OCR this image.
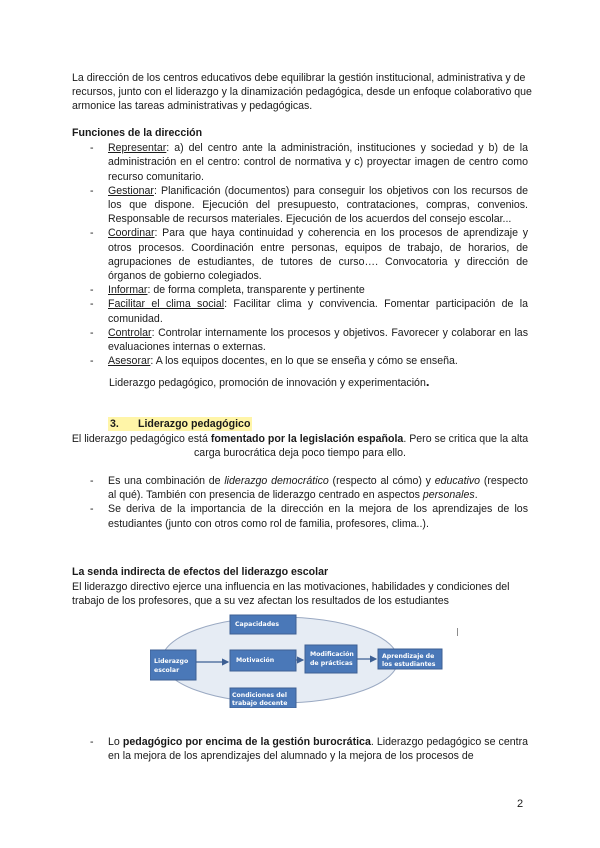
La dirección de los centros educativos debe equilibrar la gestión institucional, administrativa y de recursos, junto con el liderazgo y la dinamización pedagógica, desde un enfoque colaborativo que armonice las tareas administrativas y pedagógicas.

Funciones de la dirección

- Representar: a) del centro ante la administración, instituciones y sociedad y b) de la administración en el centro: control de normativa y c) proyectar imagen de centro como recurso comunitario.
- Gestionar: Planificación (documentos) para conseguir los objetivos con los recursos de los que dispone. Ejecución del presupuesto, contrataciones, compras, convenios. Responsable de recursos materiales. Ejecución de los acuerdos del consejo escolar...
- Coordinar: Para que haya continuidad y coherencia en los procesos de aprendizaje y otros procesos. Coordinación entre personas, equipos de trabajo, de horarios, de agrupaciones de estudiantes, de tutores de curso…. Convocatoria y dirección de órganos de gobierno colegiados.
- Informar: de forma completa, transparente y pertinente
- Facilitar el clima social: Facilitar clima y convivencia. Fomentar participación de la comunidad.
- Controlar: Controlar internamente los procesos y objetivos. Favorecer y colaborar en las evaluaciones internas o externas.
- Asesorar: A los equipos docentes, en lo que se enseña y cómo se enseña.

Liderazgo pedagógico, promoción de innovación y experimentación.

3. Liderazgo pedagógico

El liderazgo pedagógico está fomentado por la legislación española. Pero se critica que la alta carga burocrática deja poco tiempo para ello.

- Es una combinación de liderazgo democrático (respecto al cómo) y educativo (respecto al qué). También con presencia de liderazgo centrado en aspectos personales.
- Se deriva de la importancia de la dirección en la mejora de los aprendizajes de los estudiantes (junto con otros como rol de familia, profesores, clima..).

La senda indirecta de efectos del liderazgo escolar

El liderazgo directivo ejerce una influencia en las motivaciones, habilidades y condiciones del trabajo de los profesores, que a su vez afectan los resultados de los estudiantes

|
Capacidades
Liderazgo
escolar
Motivación
Modificación
de prácticas
Aprendizaje de
los estudiantes
Condiciones del
trabajo docente
- Lo pedagógico por encima de la gestión burocrática. Liderazgo pedagógico se centra en la mejora de los aprendizajes del alumnado y la mejora de los procesos de
2
